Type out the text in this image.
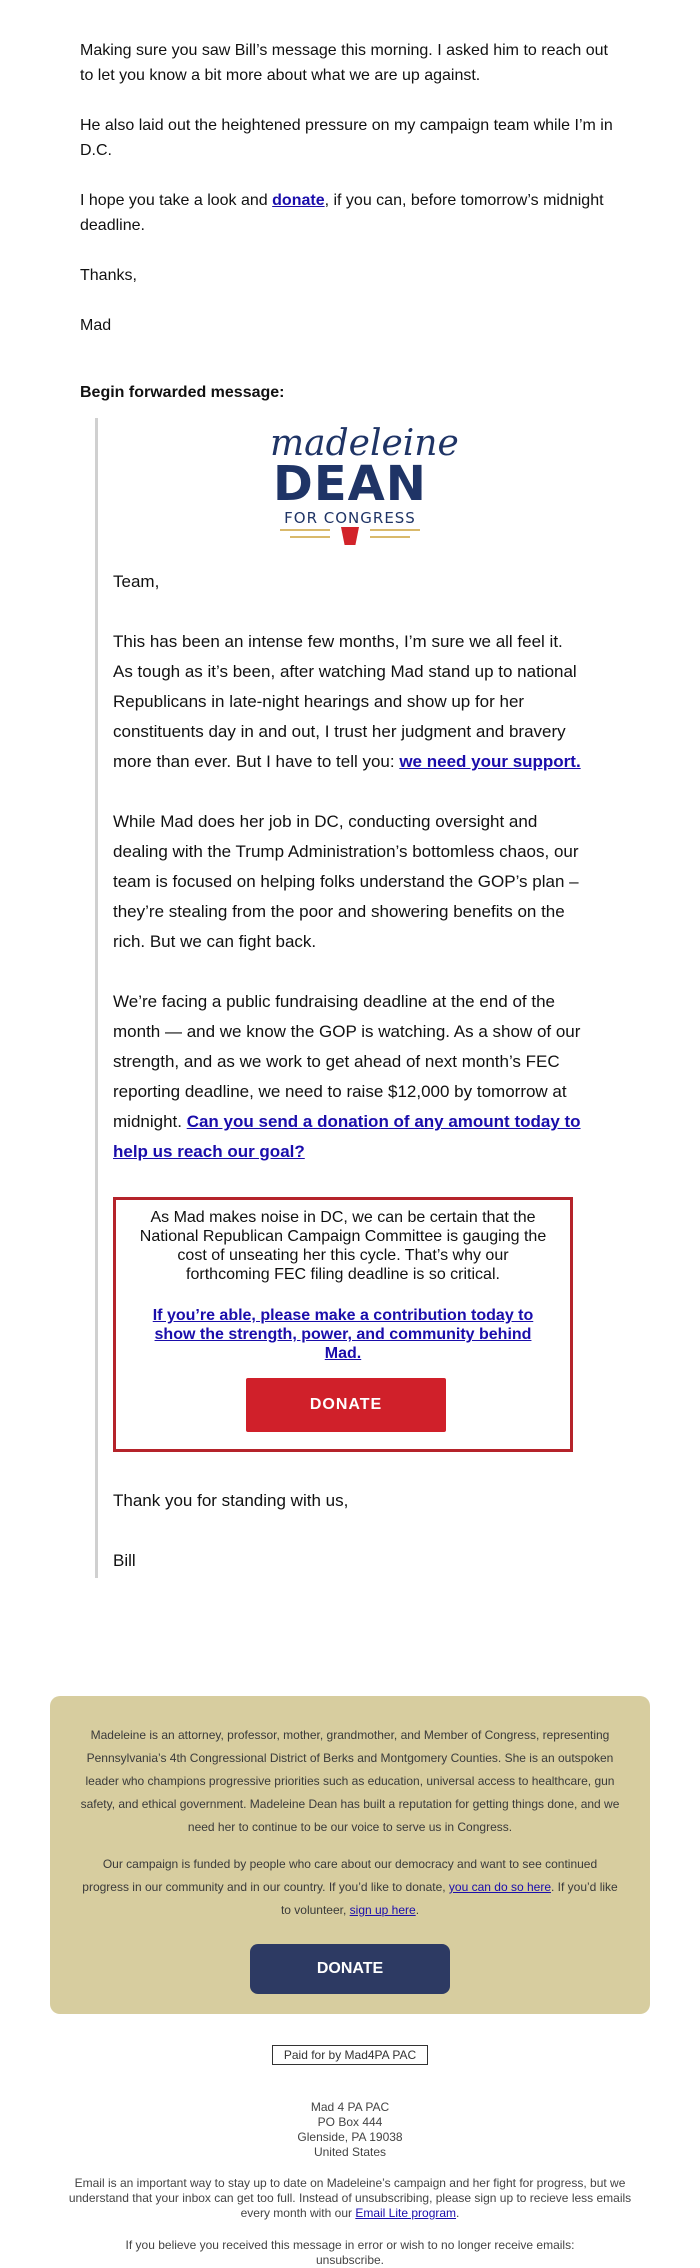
Making sure you saw Bill’s message this morning. I asked him to reach out to let you know a bit more about what we are up against.

He also laid out the heightened pressure on my campaign team while I’m in D.C.

I hope you take a look and donate, if you can, before tomorrow’s midnight deadline.

Thanks,

Mad

Begin forwarded message:

madeleine
DEAN
FOR CONGRESS

Team,

This has been an intense few months, I’m sure we all feel it. As tough as it’s been, after watching Mad stand up to national Republicans in late-night hearings and show up for her constituents day in and out, I trust her judgment and bravery more than ever. But I have to tell you: we need your support.

While Mad does her job in DC, conducting oversight and dealing with the Trump Administration’s bottomless chaos, our team is focused on helping folks understand the GOP’s plan – they’re stealing from the poor and showering benefits on the rich. But we can fight back.

We’re facing a public fundraising deadline at the end of the month — and we know the GOP is watching. As a show of our strength, and as we work to get ahead of next month’s FEC reporting deadline, we need to raise $12,000 by tomorrow at midnight. Can you send a donation of any amount today to help us reach our goal?

As Mad makes noise in DC, we can be certain that the National Republican Campaign Committee is gauging the cost of unseating her this cycle. That’s why our forthcoming FEC filing deadline is so critical.
If you’re able, please make a contribution today to show the strength, power, and community behind Mad.
DONATE

Thank you for standing with us,

Bill

Madeleine is an attorney, professor, mother, grandmother, and Member of Congress, representing Pennsylvania’s 4th Congressional District of Berks and Montgomery Counties. She is an outspoken leader who champions progressive priorities such as education, universal access to healthcare, gun safety, and ethical government. Madeleine Dean has built a reputation for getting things done, and we need her to continue to be our voice to serve us in Congress.
Our campaign is funded by people who care about our democracy and want to see continued progress in our community and in our country. If you’d like to donate, you can do so here. If you’d like to volunteer, sign up here.
DONATE
Paid for by Mad4PA PAC
Mad 4 PA PAC
PO Box 444
Glenside, PA 19038
United States
Email is an important way to stay up to date on Madeleine’s campaign and her fight for progress, but we understand that your inbox can get too full. Instead of unsubscribing, please sign up to recieve less emails every month with our Email Lite program.
If you believe you received this message in error or wish to no longer receive emails: unsubscribe.
